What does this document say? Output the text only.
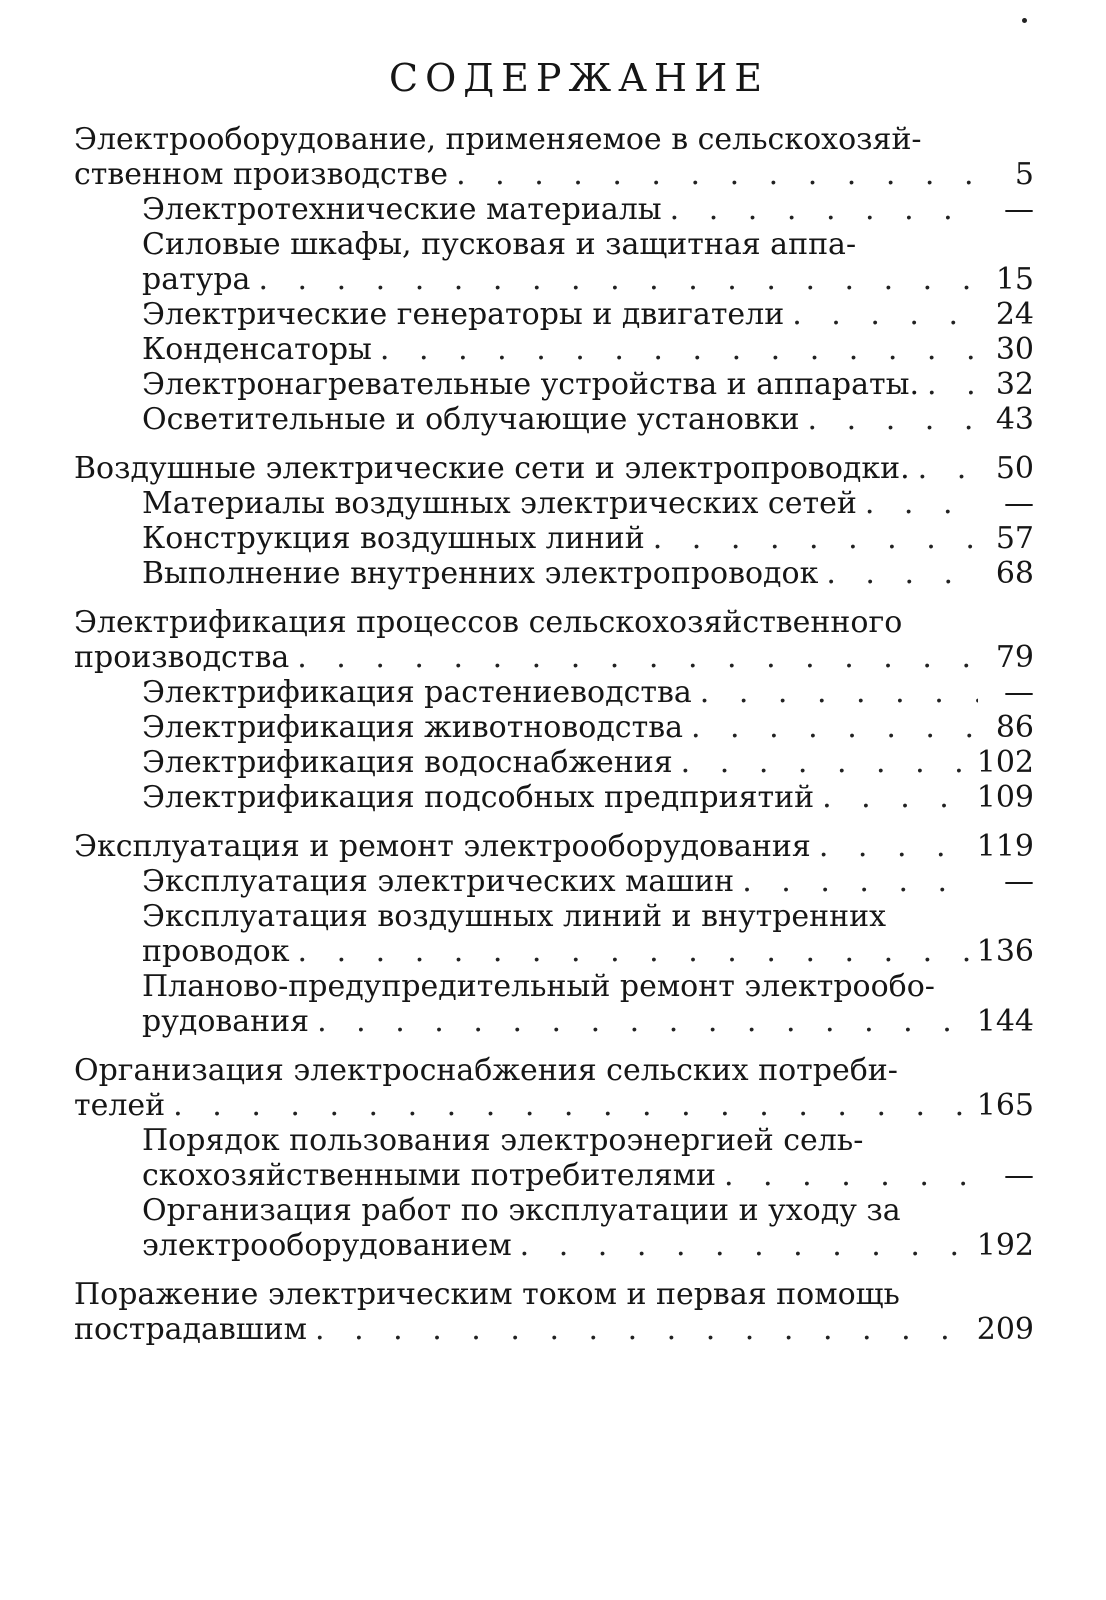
СОДЕРЖАНИЕ
Электрооборудование, применяемое в сельскохозяй-
ственном производстве . . .	5
Электротехнические материалы . . .	—
Силовые шкафы, пусковая и защитная аппа-
ратура . . .	15
Электрические генераторы и двигатели . . .	24
Конденсаторы . . .	30
Электронагревательные устройства и аппараты. . . .	32
Осветительные и облучающие установки . . .	43
Воздушные электрические сети и электропроводки. . . .	50
Материалы воздушных электрических сетей . . .	—
Конструкция воздушных линий . . .	57
Выполнение внутренних электропроводок . . .	68
Электрификация процессов сельскохозяйственного
производства . . .	79
Электрификация растениеводства . . .	—
Электрификация животноводства . . .	86
Электрификация водоснабжения . . .	102
Электрификация подсобных предприятий . . .	109
Эксплуатация и ремонт электрооборудования . . .	119
Эксплуатация электрических машин . . .	—
Эксплуатация воздушных линий и внутренних
проводок . . .	136
Планово-предупредительный ремонт электрообо-
рудования . . .	144
Организация электроснабжения сельских потреби-
телей . . .	165
Порядок пользования электроэнергией сель-
скохозяйственными потребителями . . .	—
Организация работ по эксплуатации и уходу за
электрооборудованием . . .	192
Поражение электрическим током и первая помощь
пострадавшим . . .	209
